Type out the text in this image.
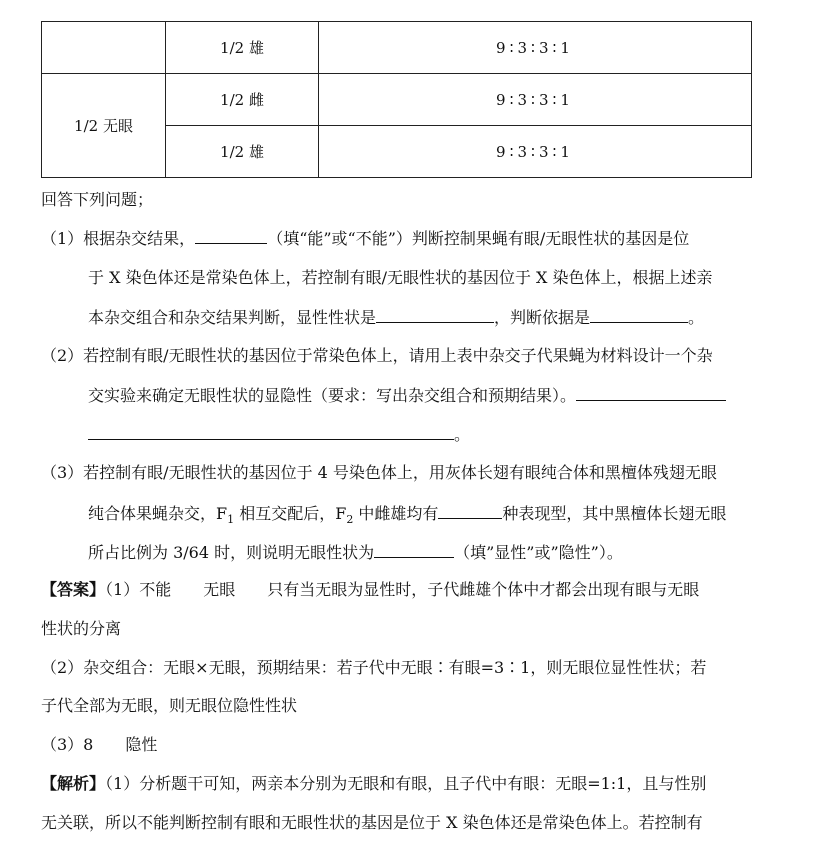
	1/2 雄	9∶3∶3∶1
1/2 无眼	1/2 雌	9∶3∶3∶1
	1/2 雄	9∶3∶3∶1
回答下列问题；
（1）根据杂交结果，	（填“能”或“不能”）判断控制果蝇有眼/无眼性状的基因是位
于 X 染色体还是常染色体上，若控制有眼/无眼性状的基因位于 X 染色体上，根据上述亲
本杂交组合和杂交结果判断，显性性状是	，判断依据是	。
（2）若控制有眼/无眼性状的基因位于常染色体上，请用上表中杂交子代果蝇为材料设计一个杂
交实验来确定无眼性状的显隐性（要求：写出杂交组合和预期结果）。
。
（3）若控制有眼/无眼性状的基因位于 4 号染色体上，用灰体长翅有眼纯合体和黑檀体残翅无眼
纯合体果蝇杂交，$F_1$ 相互交配后，$F_2$ 中雌雄均有	种表现型，其中黑檀体长翅无眼
所占比例为 3/64 时，则说明无眼性状为	（填”显性”或”隐性”）。
【答案】（1）不能　　无眼　　只有当无眼为显性时，子代雌雄个体中才都会出现有眼与无眼
性状的分离
（2）杂交组合：无眼×无眼，预期结果：若子代中无眼∶有眼=3∶1，则无眼位显性性状；若
子代全部为无眼，则无眼位隐性性状
（3）8　　隐性
【解析】（1）分析题干可知，两亲本分别为无眼和有眼，且子代中有眼：无眼=1:1，且与性别
无关联，所以不能判断控制有眼和无眼性状的基因是位于 X 染色体还是常染色体上。若控制有
